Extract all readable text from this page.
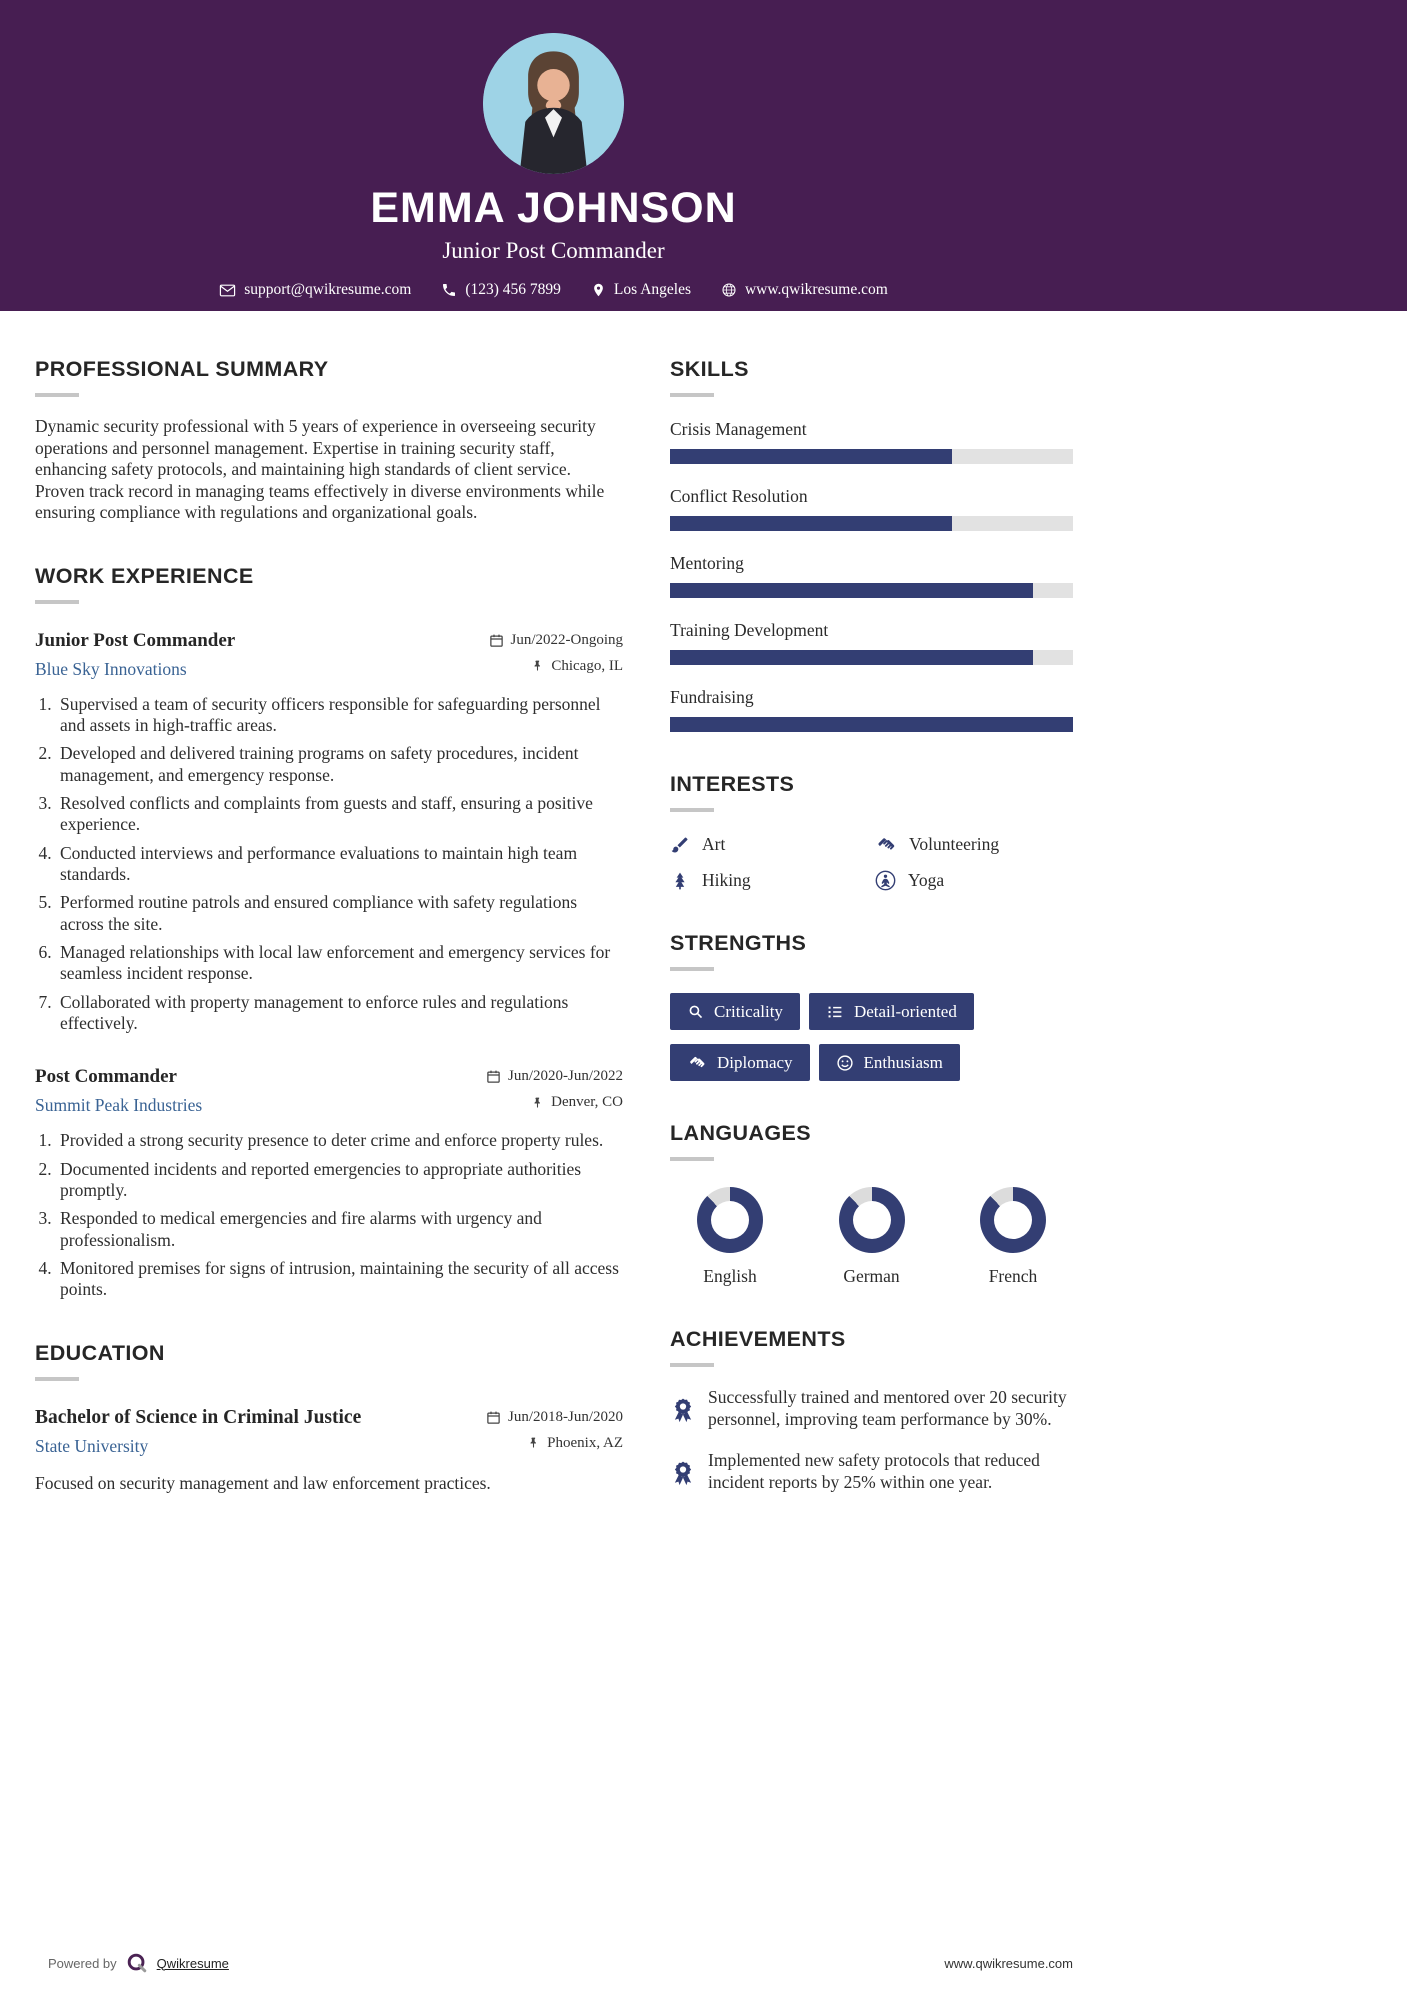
EMMA JOHNSON
Junior Post Commander
support@qwikresume.com	(123) 456 7899	Los Angeles	www.qwikresume.com
PROFESSIONAL SUMMARY

Dynamic security professional with 5 years of experience in overseeing security operations and personnel management. Expertise in training security staff, enhancing safety protocols, and maintaining high standards of client service. Proven track record in managing teams effectively in diverse environments while ensuring compliance with regulations and organizational goals.

WORK EXPERIENCE
Junior Post Commander
Blue Sky Innovations
Jun/2022-Ongoing
Chicago, IL
1. Supervised a team of security officers responsible for safeguarding personnel and assets in high-traffic areas.
2. Developed and delivered training programs on safety procedures, incident management, and emergency response.
3. Resolved conflicts and complaints from guests and staff, ensuring a positive experience.
4. Conducted interviews and performance evaluations to maintain high team standards.
5. Performed routine patrols and ensured compliance with safety regulations across the site.
6. Managed relationships with local law enforcement and emergency services for seamless incident response.
7. Collaborated with property management to enforce rules and regulations effectively.
Post Commander
Summit Peak Industries
Jun/2020-Jun/2022
Denver, CO
1. Provided a strong security presence to deter crime and enforce property rules.
2. Documented incidents and reported emergencies to appropriate authorities promptly.
3. Responded to medical emergencies and fire alarms with urgency and professionalism.
4. Monitored premises for signs of intrusion, maintaining the security of all access points.
EDUCATION
Bachelor of Science in Criminal Justice
State University
Jun/2018-Jun/2020
Phoenix, AZ

Focused on security management and law enforcement practices.

SKILLS
Crisis Management
Conflict Resolution
Mentoring
Training Development
Fundraising
INTERESTS
Art	Volunteering
Hiking	Yoga
STRENGTHS
Criticality	Detail-oriented
Diplomacy	Enthusiasm
LANGUAGES
English	German	French
ACHIEVEMENTS

Successfully trained and mentored over 20 security personnel, improving team performance by 30%.

Implemented new safety protocols that reduced incident reports by 25% within one year.

Powered by	Qwikresume	www.qwikresume.com
